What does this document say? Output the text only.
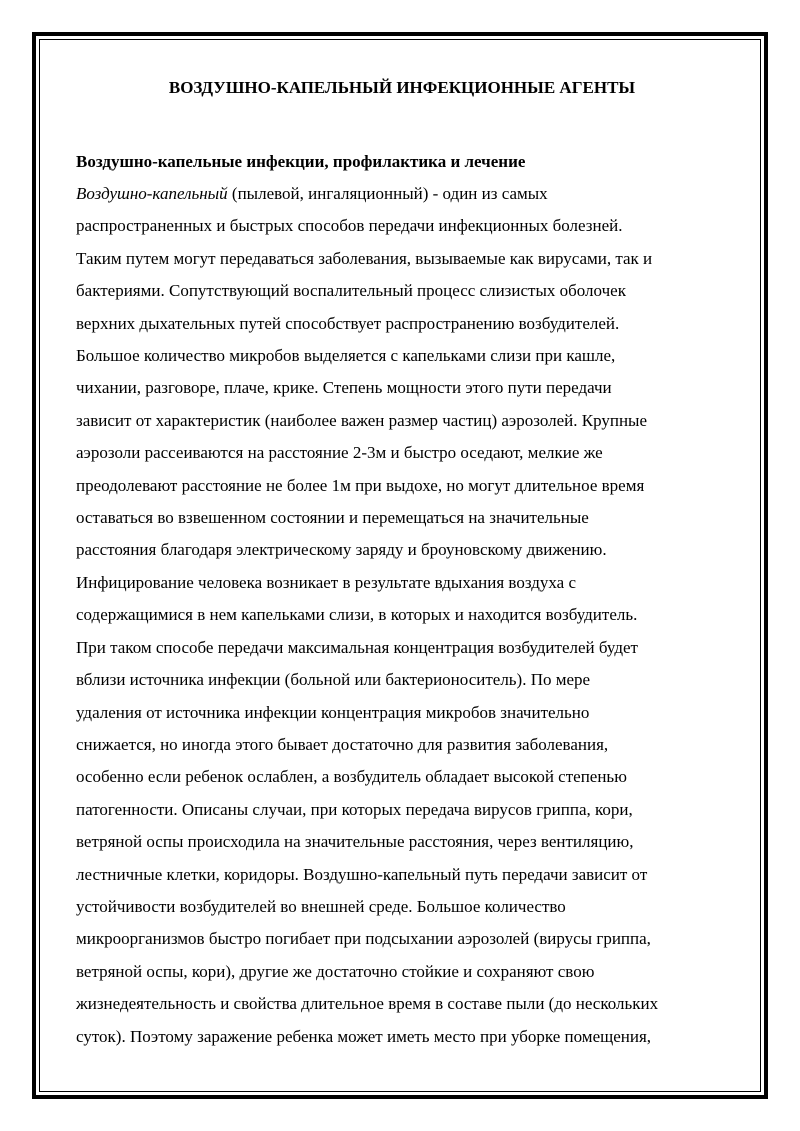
ВОЗДУШНО-КАПЕЛЬНЫЙ ИНФЕКЦИОННЫЕ АГЕНТЫ
Воздушно-капельные инфекции, профилактика и лечение

Воздушно-капельный (пылевой, ингаляционный) - один из самых
распространенных и быстрых способов передачи инфекционных болезней.
Таким путем могут передаваться заболевания, вызываемые как вирусами, так и
бактериями. Сопутствующий воспалительный процесс слизистых оболочек
верхних дыхательных путей способствует распространению возбудителей.
Большое количество микробов выделяется с капельками слизи при кашле,
чихании, разговоре, плаче, крике. Степень мощности этого пути передачи
зависит от характеристик (наиболее важен размер частиц) аэрозолей. Крупные
аэрозоли рассеиваются на расстояние 2-3м и быстро оседают, мелкие же
преодолевают расстояние не более 1м при выдохе, но могут длительное время
оставаться во взвешенном состоянии и перемещаться на значительные
расстояния благодаря электрическому заряду и броуновскому движению.
Инфицирование человека возникает в результате вдыхания воздуха с
содержащимися в нем капельками слизи, в которых и находится возбудитель.
При таком способе передачи максимальная концентрация возбудителей будет
вблизи источника инфекции (больной или бактерионоситель). По мере
удаления от источника инфекции концентрация микробов значительно
снижается, но иногда этого бывает достаточно для развития заболевания,
особенно если ребенок ослаблен, а возбудитель обладает высокой степенью
патогенности. Описаны случаи, при которых передача вирусов гриппа, кори,
ветряной оспы происходила на значительные расстояния, через вентиляцию,
лестничные клетки, коридоры. Воздушно-капельный путь передачи зависит от
устойчивости возбудителей во внешней среде. Большое количество
микроорганизмов быстро погибает при подсыхании аэрозолей (вирусы гриппа,
ветряной оспы, кори), другие же достаточно стойкие и сохраняют свою
жизнедеятельность и свойства длительное время в составе пыли (до нескольких
суток). Поэтому заражение ребенка может иметь место при уборке помещения,
